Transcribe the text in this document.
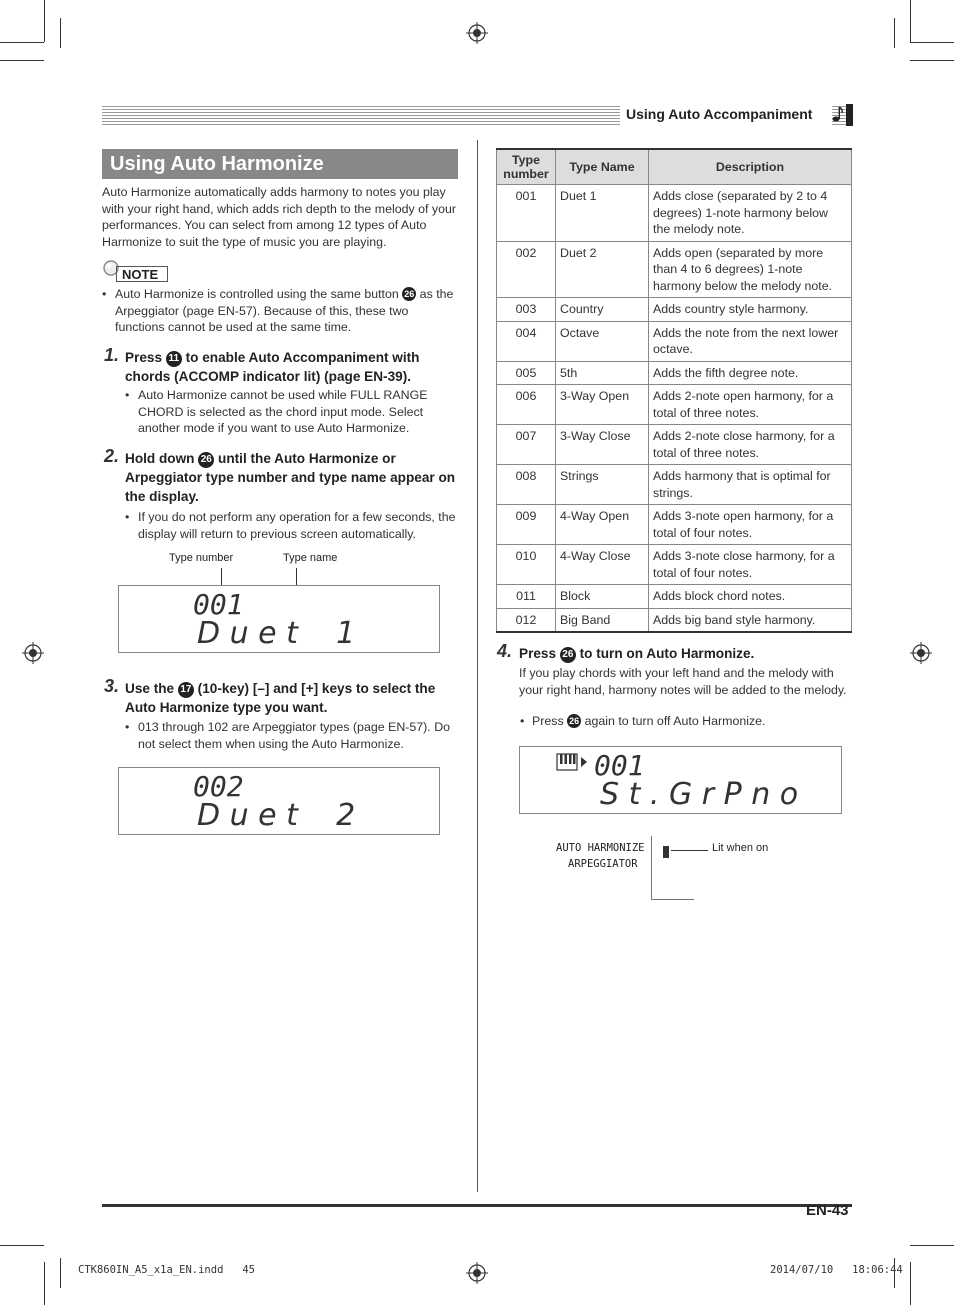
Using Auto Accompaniment
Using Auto Harmonize
Auto Harmonize automatically adds harmony to notes you play with your right hand, which adds rich depth to the melody of your performances. You can select from among 12 types of Auto Harmonize to suit the type of music you are playing.
NOTE
• Auto Harmonize is controlled using the same button 26 as the Arpeggiator (page EN-57). Because of this, these two functions cannot be used at the same time.
1. Press 11 to enable Auto Accompaniment with chords (ACCOMP indicator lit) (page EN-39).
• Auto Harmonize cannot be used while FULL RANGE CHORD is selected as the chord input mode. Select another mode if you want to use Auto Harmonize.
2. Hold down 26 until the Auto Harmonize or Arpeggiator type number and type name appear on the display.
• If you do not perform any operation for a few seconds, the display will return to previous screen automatically.
Type number	Type name
001
D u e t    1
3. Use the 17 (10-key) [–] and [+] keys to select the Auto Harmonize type you want.
• 013 through 102 are Arpeggiator types (page EN-57). Do not select them when using the Auto Harmonize.
002
D u e t    2
Type number	Type Name	Description
001	Duet 1	Adds close (separated by 2 to 4 degrees) 1-note harmony below the melody note.
002	Duet 2	Adds open (separated by more than 4 to 6 degrees) 1-note harmony below the melody note.
003	Country	Adds country style harmony.
004	Octave	Adds the note from the next lower octave.
005	5th	Adds the fifth degree note.
006	3-Way Open	Adds 2-note open harmony, for a total of three notes.
007	3-Way Close	Adds 2-note close harmony, for a total of three notes.
008	Strings	Adds harmony that is optimal for strings.
009	4-Way Open	Adds 3-note open harmony, for a total of four notes.
010	4-Way Close	Adds 3-note close harmony, for a total of four notes.
011	Block	Adds block chord notes.
012	Big Band	Adds big band style harmony.
4. Press 26 to turn on Auto Harmonize.
If you play chords with your left hand and the melody with your right hand, harmony notes will be added to the melody.
• Press 26 again to turn off Auto Harmonize.
001
S t . G r P n o
AUTO HARMONIZE
ARPEGGIATOR
Lit when on
EN-43
CTK860IN_A5_x1a_EN.indd   45	2014/07/10   18:06:44
